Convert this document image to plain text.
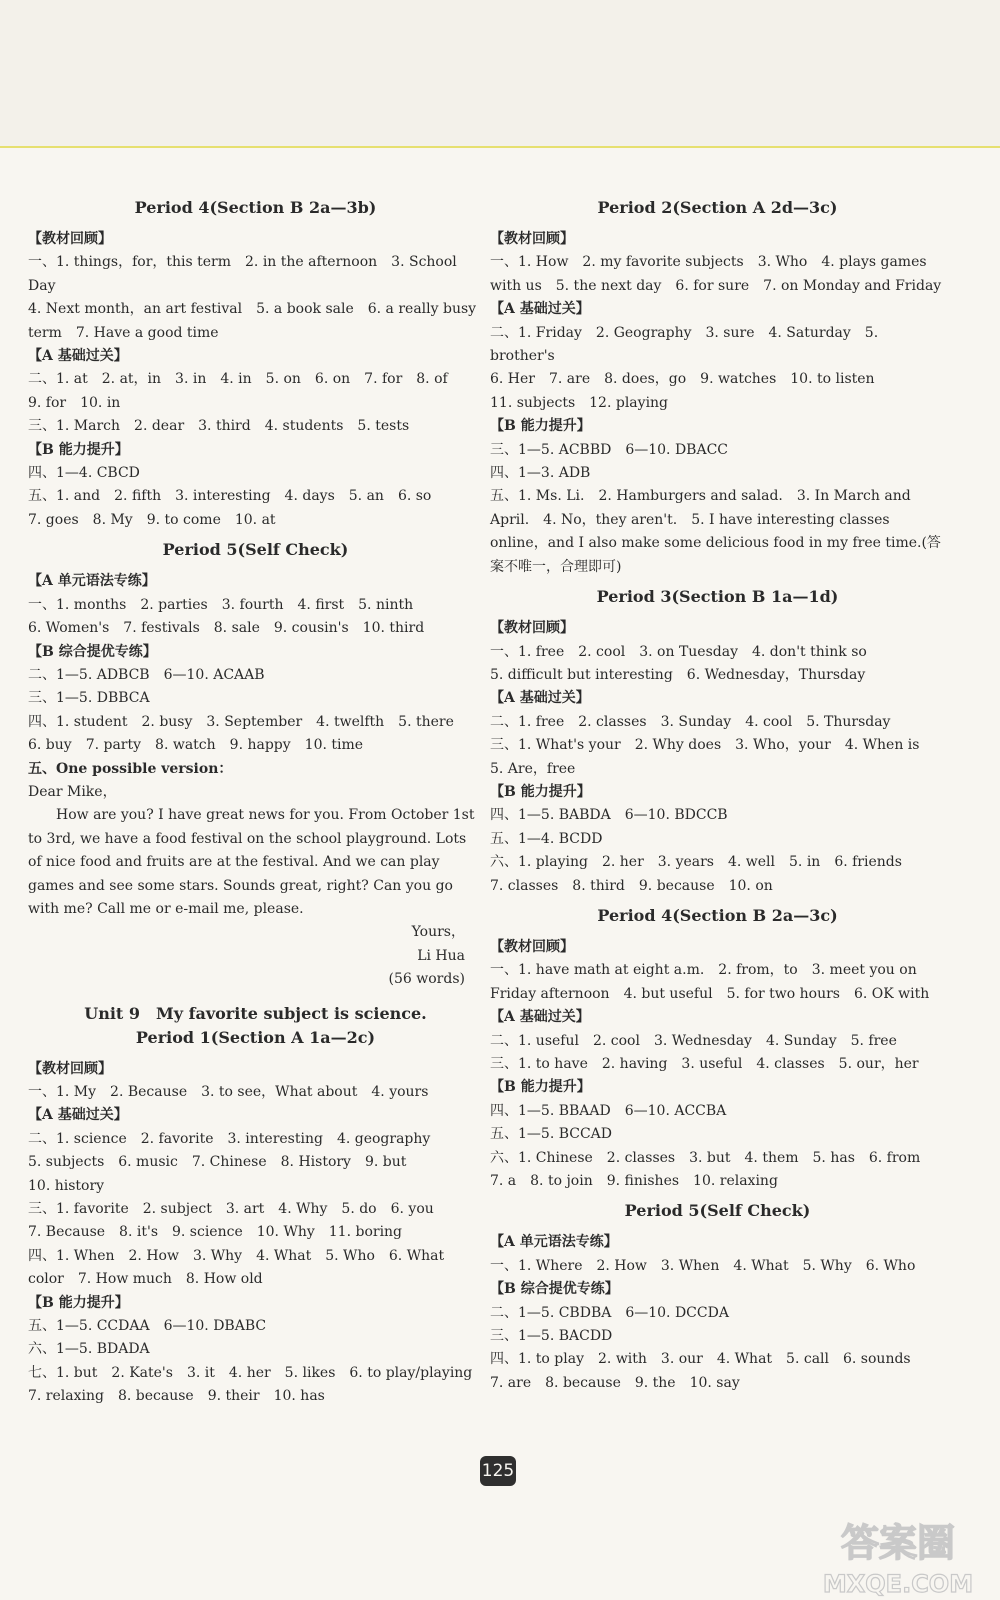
Period 4(Section B 2a—3b)
【教材回顾】
一、1. things，for，this term　2. in the afternoon　3. School Day
4. Next month，an art festival　5. a book sale　6. a really busy
term　7. Have a good time
【A 基础过关】
二、1. at　2. at，in　3. in　4. in　5. on　6. on　7. for　8. of
9. for　10. in
三、1. March　2. dear　3. third　4. students　5. tests
【B 能力提升】
四、1—4. CBCD
五、1. and　2. fifth　3. interesting　4. days　5. an　6. so
7. goes　8. My　9. to come　10. at
Period 5(Self Check)
【A 单元语法专练】
一、1. months　2. parties　3. fourth　4. first　5. ninth
6. Women's　7. festivals　8. sale　9. cousin's　10. third
【B 综合提优专练】
二、1—5. ADBCB　6—10. ACAAB
三、1—5. DBBCA
四、1. student　2. busy　3. September　4. twelfth　5. there
6. buy　7. party　8. watch　9. happy　10. time
五、One possible version：
Dear Mike，
How are you? I have great news for you. From October 1st to 3rd, we have a food festival on the school playground. Lots of nice food and fruits are at the festival. And we can play games and see some stars. Sounds great, right? Can you go with me? Call me or e-mail me, please.
Yours，
Li Hua
(56 words)
Unit 9　My favorite subject is science.
Period 1(Section A 1a—2c)
【教材回顾】
一、1. My　2. Because　3. to see，What about　4. yours
【A 基础过关】
二、1. science　2. favorite　3. interesting　4. geography
5. subjects　6. music　7. Chinese　8. History　9. but
10. history
三、1. favorite　2. subject　3. art　4. Why　5. do　6. you
7. Because　8. it's　9. science　10. Why　11. boring
四、1. When　2. How　3. Why　4. What　5. Who　6. What
color　7. How much　8. How old
【B 能力提升】
五、1—5. CCDAA　6—10. DBABC
六、1—5. BDADA
七、1. but　2. Kate's　3. it　4. her　5. likes　6. to play/playing
7. relaxing　8. because　9. their　10. has
Period 2(Section A 2d—3c)
【教材回顾】
一、1. How　2. my favorite subjects　3. Who　4. plays games
with us　5. the next day　6. for sure　7. on Monday and Friday
【A 基础过关】
二、1. Friday　2. Geography　3. sure　4. Saturday　5. brother's
6. Her　7. are　8. does，go　9. watches　10. to listen
11. subjects　12. playing
【B 能力提升】
三、1—5. ACBBD　6—10. DBACC
四、1—3. ADB
五、1. Ms. Li.　2. Hamburgers and salad.　3. In March and April.　4. No，they aren't.　5. I have interesting classes online，and I also make some delicious food in my free time.(答案不唯一，合理即可)
Period 3(Section B 1a—1d)
【教材回顾】
一、1. free　2. cool　3. on Tuesday　4. don't think so
5. difficult but interesting　6. Wednesday，Thursday
【A 基础过关】
二、1. free　2. classes　3. Sunday　4. cool　5. Thursday
三、1. What's your　2. Why does　3. Who，your　4. When is
5. Are，free
【B 能力提升】
四、1—5. BABDA　6—10. BDCCB
五、1—4. BCDD
六、1. playing　2. her　3. years　4. well　5. in　6. friends
7. classes　8. third　9. because　10. on
Period 4(Section B 2a—3c)
【教材回顾】
一、1. have math at eight a.m.　2. from，to　3. meet you on
Friday afternoon　4. but useful　5. for two hours　6. OK with
【A 基础过关】
二、1. useful　2. cool　3. Wednesday　4. Sunday　5. free
三、1. to have　2. having　3. useful　4. classes　5. our，her
【B 能力提升】
四、1—5. BBAAD　6—10. ACCBA
五、1—5. BCCAD
六、1. Chinese　2. classes　3. but　4. them　5. has　6. from
7. a　8. to join　9. finishes　10. relaxing
Period 5(Self Check)
【A 单元语法专练】
一、1. Where　2. How　3. When　4. What　5. Why　6. Who
【B 综合提优专练】
二、1—5. CBDBA　6—10. DCCDA
三、1—5. BACDD
四、1. to play　2. with　3. our　4. What　5. call　6. sounds
7. are　8. because　9. the　10. say
125
答案圈
MXQE.COM
